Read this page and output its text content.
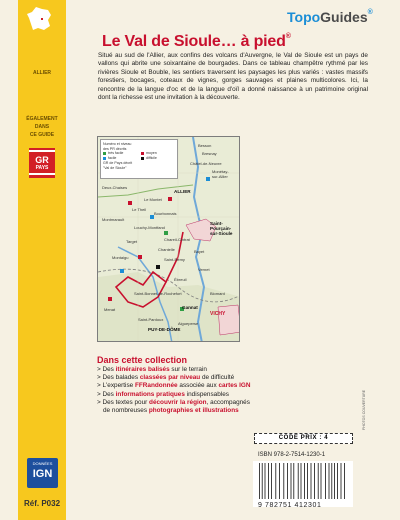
ALLIER
ÉGALEMENT
DANS
CE GUIDE
GR
PAYS
DONNÉES
IGN
Réf. P032
TopoGuides®
Le Val de Sioule… à pied®

Situé au sud de l'Allier, aux confins des volcans d'Auvergne, le Val de Sioule est un pays de vallons qui abrite une soixantaine de bourgades. Dans ce tableau champêtre rythmé par les rivières Sioule et Bouble, les sentiers traversent les paysages les plus variés : vastes massifs forestiers, bocages, coteaux de vignes, gorges sauvages et plaines multicolores. Ici, la rencontre de la langue d'oc et de la langue d'oïl a donné naissance à un patrimoine original dont la richesse est une invitation à la découverte.

Numéro et niveau
des PR décrits
très facile	moyen
facile	difficile
GR de Pays décrit
"Val de Sioule"
ALLIER
Saint-
Pourçain-
sur-Sioule
VICHY
Gannat
PUY-DE-DÔME
Besson
Bresnay
Châtel-de-Neuvre
Monétay-
sur-Allier
Deux-Chaises
Le Montet
Le Theil
Montmarault
Bourbonnais
Louchy-Montfand
Target
Chantelle
Ébreuil
Saint-Bonnet-de-Rochefort
Menat
Saint-Pardoux
Aigueperse
Saint-Rémy
Chareil-Cintrat
Bayet
Vernet
Blomard
Montaigu
Dans cette collection
> Des itinéraires balisés sur le terrain
> Des balades classées par niveau de difficulté
> L'expertise FFRandonnée associée aux cartes IGN
> Des informations pratiques indispensables
> Des textes pour découvrir la région, accompagnés
de nombreuses photographies et illustrations
CODE PRIX : 4
ISBN 978-2-7514-1230-1
9 782751 412301
PHOTOS COUVERTURE
